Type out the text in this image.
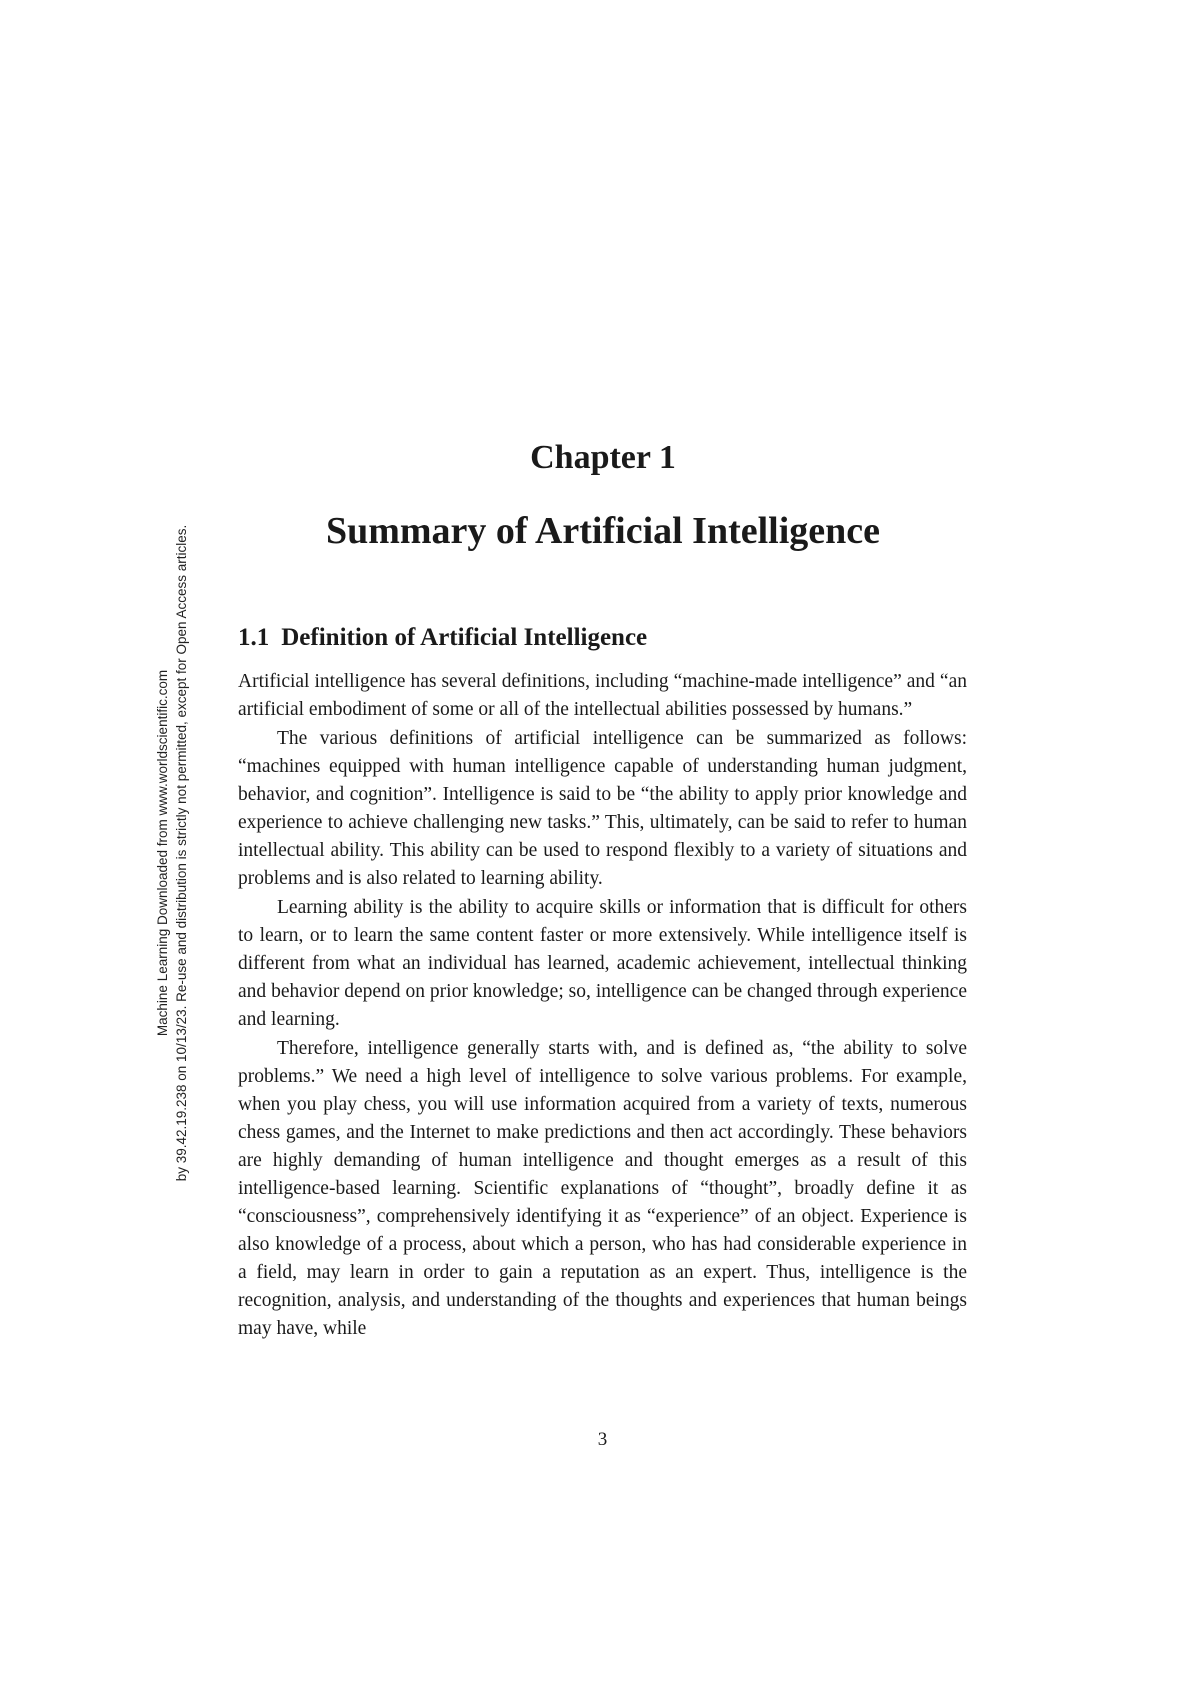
Machine Learning Downloaded from www.worldscientific.com by 39.42.19.238 on 10/13/23. Re-use and distribution is strictly not permitted, except for Open Access articles.
Chapter 1
Summary of Artificial Intelligence
1.1 Definition of Artificial Intelligence

Artificial intelligence has several definitions, including “machine-made intelligence” and “an artificial embodiment of some or all of the intellectual abilities possessed by humans.”

The various definitions of artificial intelligence can be summarized as follows: “machines equipped with human intelligence capable of understanding human judgment, behavior, and cognition”. Intelligence is said to be “the ability to apply prior knowledge and experience to achieve challenging new tasks.” This, ultimately, can be said to refer to human intellectual ability. This ability can be used to respond flexibly to a variety of situations and problems and is also related to learning ability.

Learning ability is the ability to acquire skills or information that is difficult for others to learn, or to learn the same content faster or more extensively. While intelligence itself is different from what an individual has learned, academic achievement, intellectual thinking and behavior depend on prior knowledge; so, intelligence can be changed through experience and learning.

Therefore, intelligence generally starts with, and is defined as, “the ability to solve problems.” We need a high level of intelligence to solve various problems. For example, when you play chess, you will use information acquired from a variety of texts, numerous chess games, and the Internet to make predictions and then act accordingly. These behaviors are highly demanding of human intelligence and thought emerges as a result of this intelligence-based learning. Scientific explanations of “thought”, broadly define it as “consciousness”, comprehensively identifying it as “experience” of an object. Experience is also knowledge of a process, about which a person, who has had considerable experience in a field, may learn in order to gain a reputation as an expert. Thus, intelligence is the recognition, analysis, and understanding of the thoughts and experiences that human beings may have, while

3
